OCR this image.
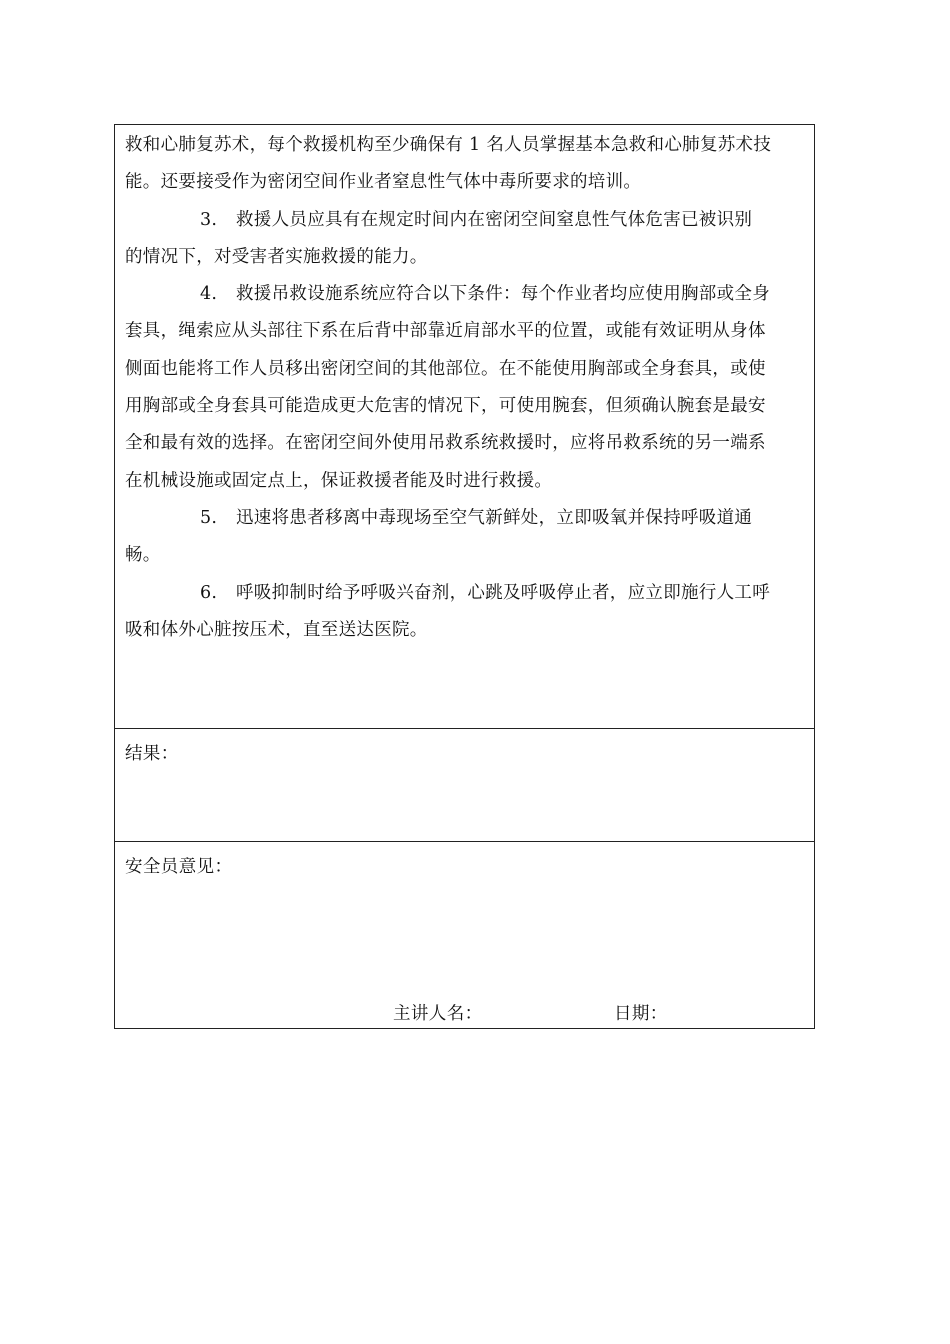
救和心肺复苏术，每个救援机构至少确保有 1 名人员掌握基本急救和心肺复苏术技
能。还要接受作为密闭空间作业者窒息性气体中毒所要求的培训。
3. 救援人员应具有在规定时间内在密闭空间窒息性气体危害已被识别
的情况下，对受害者实施救援的能力。
4. 救援吊救设施系统应符合以下条件：每个作业者均应使用胸部或全身
套具，绳索应从头部往下系在后背中部靠近肩部水平的位置，或能有效证明从身体
侧面也能将工作人员移出密闭空间的其他部位。在不能使用胸部或全身套具，或使
用胸部或全身套具可能造成更大危害的情况下，可使用腕套，但须确认腕套是最安
全和最有效的选择。在密闭空间外使用吊救系统救援时，应将吊救系统的另一端系
在机械设施或固定点上，保证救援者能及时进行救援。
5. 迅速将患者移离中毒现场至空气新鲜处，立即吸氧并保持呼吸道通
畅。
6. 呼吸抑制时给予呼吸兴奋剂，心跳及呼吸停止者，应立即施行人工呼
吸和体外心脏按压术，直至送达医院。
结果：
安全员意见：
主讲人名：	日期：
